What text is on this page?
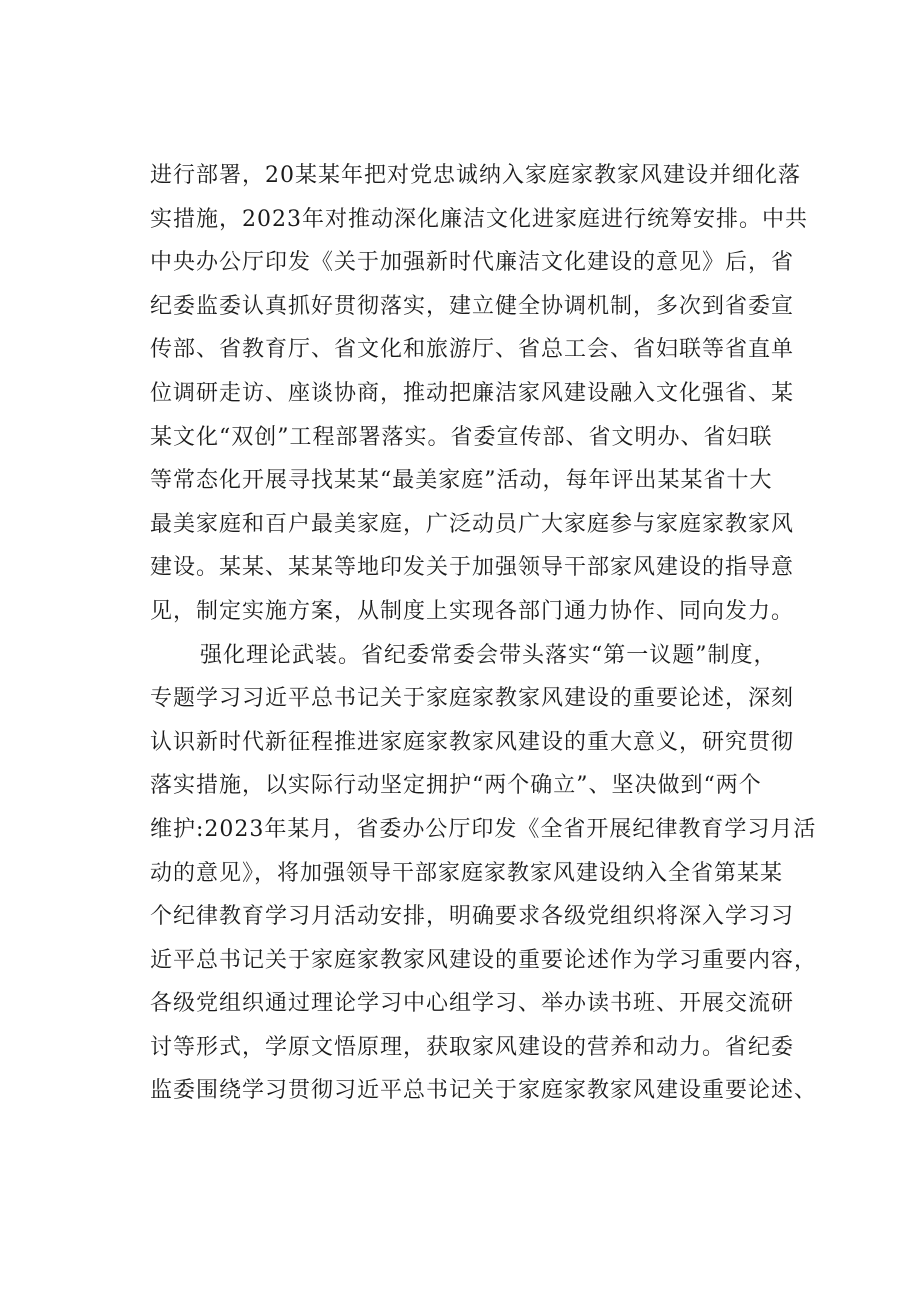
进行部署，20某某年把对党忠诚纳入家庭家教家风建设并细化落
实措施，2023年对推动深化廉洁文化进家庭进行统筹安排。中共
中央办公厅印发《关于加强新时代廉洁文化建设的意见》后，省
纪委监委认真抓好贯彻落实，建立健全协调机制，多次到省委宣
传部、省教育厅、省文化和旅游厅、省总工会、省妇联等省直单
位调研走访、座谈协商，推动把廉洁家风建设融入文化强省、某
某文化“双创”工程部署落实。省委宣传部、省文明办、省妇联
等常态化开展寻找某某“最美家庭”活动，每年评出某某省十大
最美家庭和百户最美家庭，广泛动员广大家庭参与家庭家教家风
建设。某某、某某等地印发关于加强领导干部家风建设的指导意
见，制定实施方案，从制度上实现各部门通力协作、同向发力。
强化理论武装。省纪委常委会带头落实“第一议题”制度，
专题学习习近平总书记关于家庭家教家风建设的重要论述，深刻
认识新时代新征程推进家庭家教家风建设的重大意义，研究贯彻
落实措施，以实际行动坚定拥护“两个确立”、坚决做到“两个
维护:2023年某月，省委办公厅印发《全省开展纪律教育学习月活
动的意见》，将加强领导干部家庭家教家风建设纳入全省第某某
个纪律教育学习月活动安排，明确要求各级党组织将深入学习习
近平总书记关于家庭家教家风建设的重要论述作为学习重要内容，
各级党组织通过理论学习中心组学习、举办读书班、开展交流研
讨等形式，学原文悟原理，获取家风建设的营养和动力。省纪委
监委围绕学习贯彻习近平总书记关于家庭家教家风建设重要论述、
